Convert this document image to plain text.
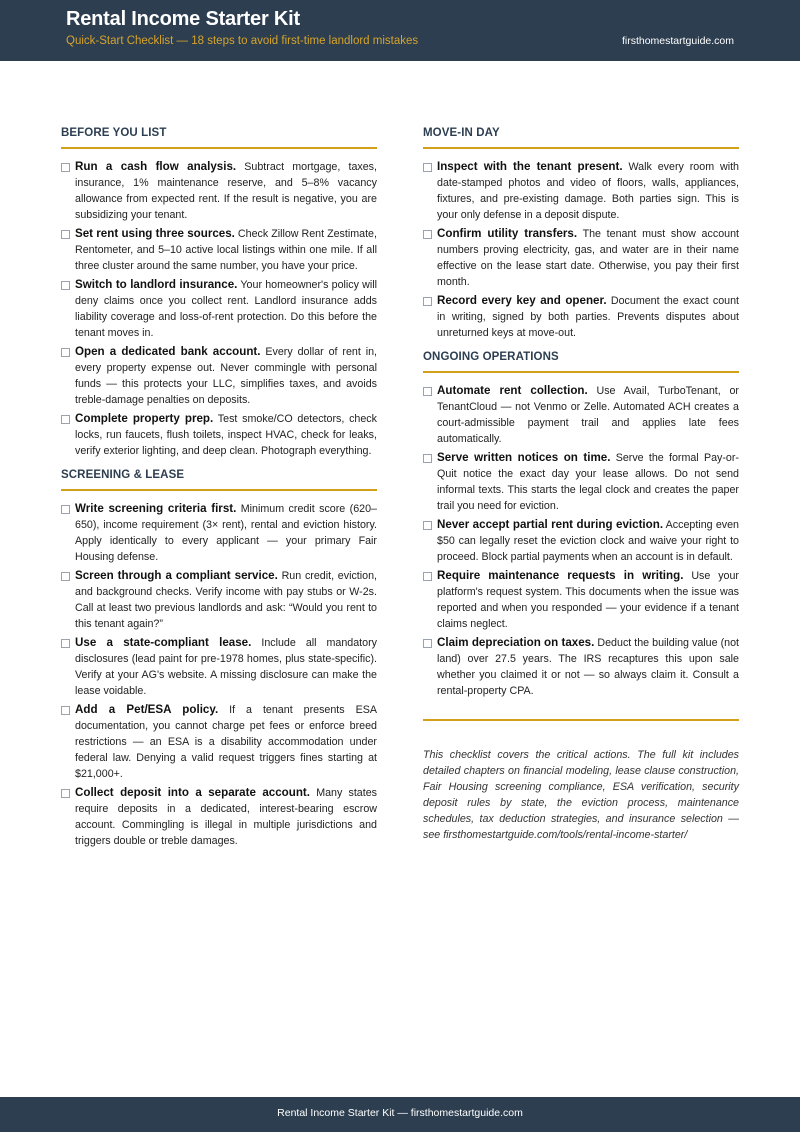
Rental Income Starter Kit
Quick-Start Checklist — 18 steps to avoid first-time landlord mistakes	firsthomestartguide.com
BEFORE YOU LIST
Run a cash flow analysis. Subtract mortgage, taxes, insurance, 1% maintenance reserve, and 5–8% vacancy allowance from expected rent. If the result is negative, you are subsidizing your tenant.
Set rent using three sources. Check Zillow Rent Zestimate, Rentometer, and 5–10 active local listings within one mile. If all three cluster around the same number, you have your price.
Switch to landlord insurance. Your homeowner's policy will deny claims once you collect rent. Landlord insurance adds liability coverage and loss-of-rent protection. Do this before the tenant moves in.
Open a dedicated bank account. Every dollar of rent in, every property expense out. Never commingle with personal funds — this protects your LLC, simplifies taxes, and avoids treble-damage penalties on deposits.
Complete property prep. Test smoke/CO detectors, check locks, run faucets, flush toilets, inspect HVAC, check for leaks, verify exterior lighting, and deep clean. Photograph everything.
SCREENING & LEASE
Write screening criteria first. Minimum credit score (620–650), income requirement (3× rent), rental and eviction history. Apply identically to every applicant — your primary Fair Housing defense.
Screen through a compliant service. Run credit, eviction, and background checks. Verify income with pay stubs or W-2s. Call at least two previous landlords and ask: “Would you rent to this tenant again?”
Use a state-compliant lease. Include all mandatory disclosures (lead paint for pre-1978 homes, plus state-specific). Verify at your AG's website. A missing disclosure can make the lease voidable.
Add a Pet/ESA policy. If a tenant presents ESA documentation, you cannot charge pet fees or enforce breed restrictions — an ESA is a disability accommodation under federal law. Denying a valid request triggers fines starting at $21,000+.
Collect deposit into a separate account. Many states require deposits in a dedicated, interest-bearing escrow account. Commingling is illegal in multiple jurisdictions and triggers double or treble damages.
MOVE-IN DAY
Inspect with the tenant present. Walk every room with date-stamped photos and video of floors, walls, appliances, fixtures, and pre-existing damage. Both parties sign. This is your only defense in a deposit dispute.
Confirm utility transfers. The tenant must show account numbers proving electricity, gas, and water are in their name effective on the lease start date. Otherwise, you pay their first month.
Record every key and opener. Document the exact count in writing, signed by both parties. Prevents disputes about unreturned keys at move-out.
ONGOING OPERATIONS
Automate rent collection. Use Avail, TurboTenant, or TenantCloud — not Venmo or Zelle. Automated ACH creates a court-admissible payment trail and applies late fees automatically.
Serve written notices on time. Serve the formal Pay-or-Quit notice the exact day your lease allows. Do not send informal texts. This starts the legal clock and creates the paper trail you need for eviction.
Never accept partial rent during eviction. Accepting even $50 can legally reset the eviction clock and waive your right to proceed. Block partial payments when an account is in default.
Require maintenance requests in writing. Use your platform's request system. This documents when the issue was reported and when you responded — your evidence if a tenant claims neglect.
Claim depreciation on taxes. Deduct the building value (not land) over 27.5 years. The IRS recaptures this upon sale whether you claimed it or not — so always claim it. Consult a rental-property CPA.
This checklist covers the critical actions. The full kit includes detailed chapters on financial modeling, lease clause construction, Fair Housing screening compliance, ESA verification, security deposit rules by state, the eviction process, maintenance schedules, tax deduction strategies, and insurance selection — see firsthomestartguide.com/tools/rental-income-starter/
Rental Income Starter Kit — firsthomestartguide.com
